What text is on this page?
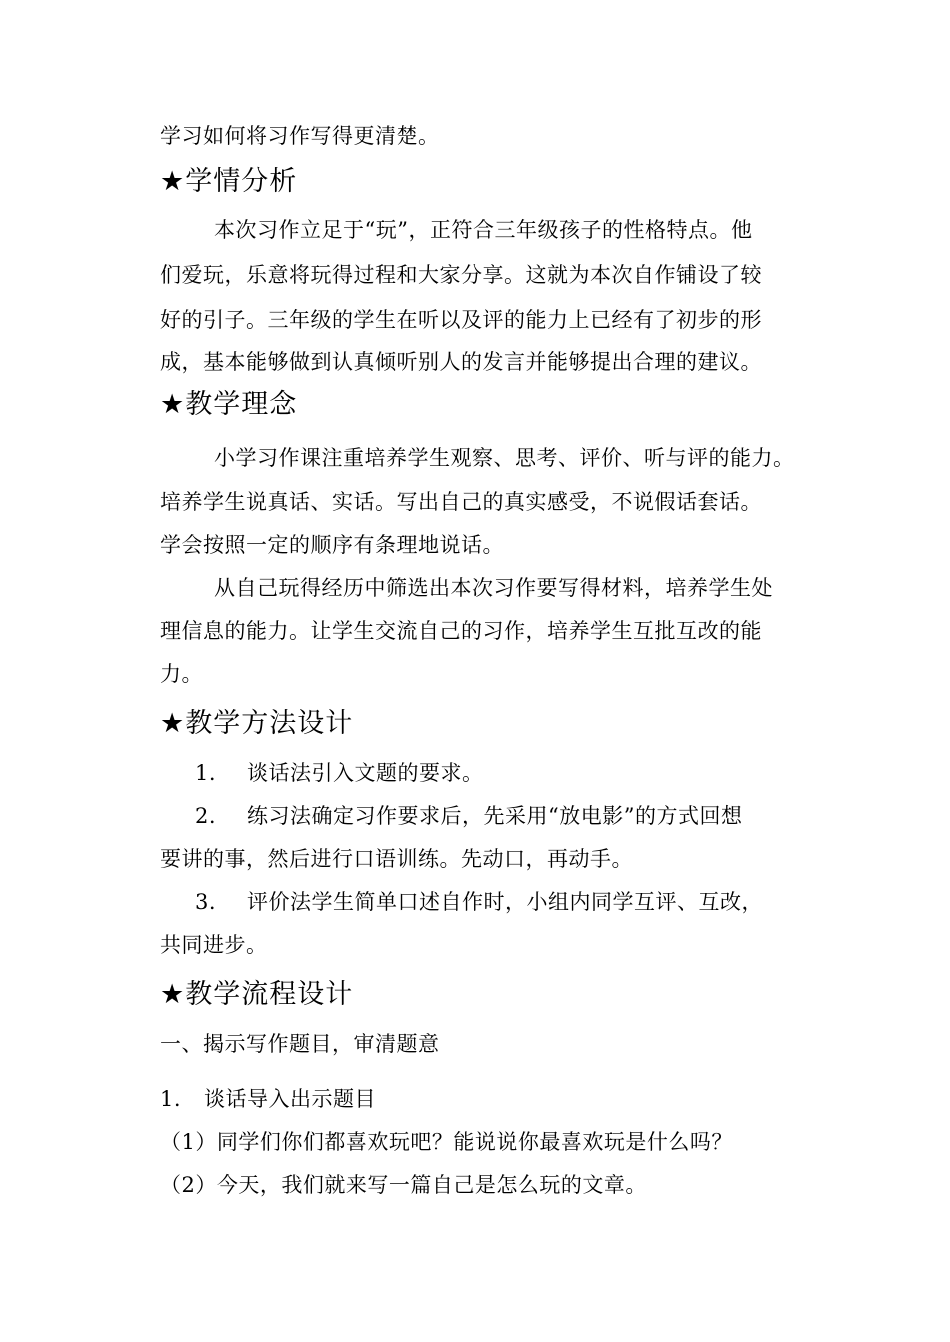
学习如何将习作写得更清楚。
★学情分析
本次习作立足于“玩”，正符合三年级孩子的性格特点。他
们爱玩，乐意将玩得过程和大家分享。这就为本次自作铺设了较
好的引子。三年级的学生在听以及评的能力上已经有了初步的形
成，基本能够做到认真倾听别人的发言并能够提出合理的建议。
★教学理念
小学习作课注重培养学生观察、思考、评价、听与评的能力。
培养学生说真话、实话。写出自己的真实感受，不说假话套话。
学会按照一定的顺序有条理地说话。
从自己玩得经历中筛选出本次习作要写得材料，培养学生处
理信息的能力。让学生交流自己的习作，培养学生互批互改的能
力。
★教学方法设计
1. 谈话法引入文题的要求。
2. 练习法确定习作要求后，先采用“放电影”的方式回想
要讲的事，然后进行口语训练。先动口，再动手。
3. 评价法学生简单口述自作时，小组内同学互评、互改，
共同进步。
★教学流程设计
一、揭示写作题目，审清题意
1. 谈话导入出示题目
（1）同学们你们都喜欢玩吧？能说说你最喜欢玩是什么吗？
（2）今天，我们就来写一篇自己是怎么玩的文章。
